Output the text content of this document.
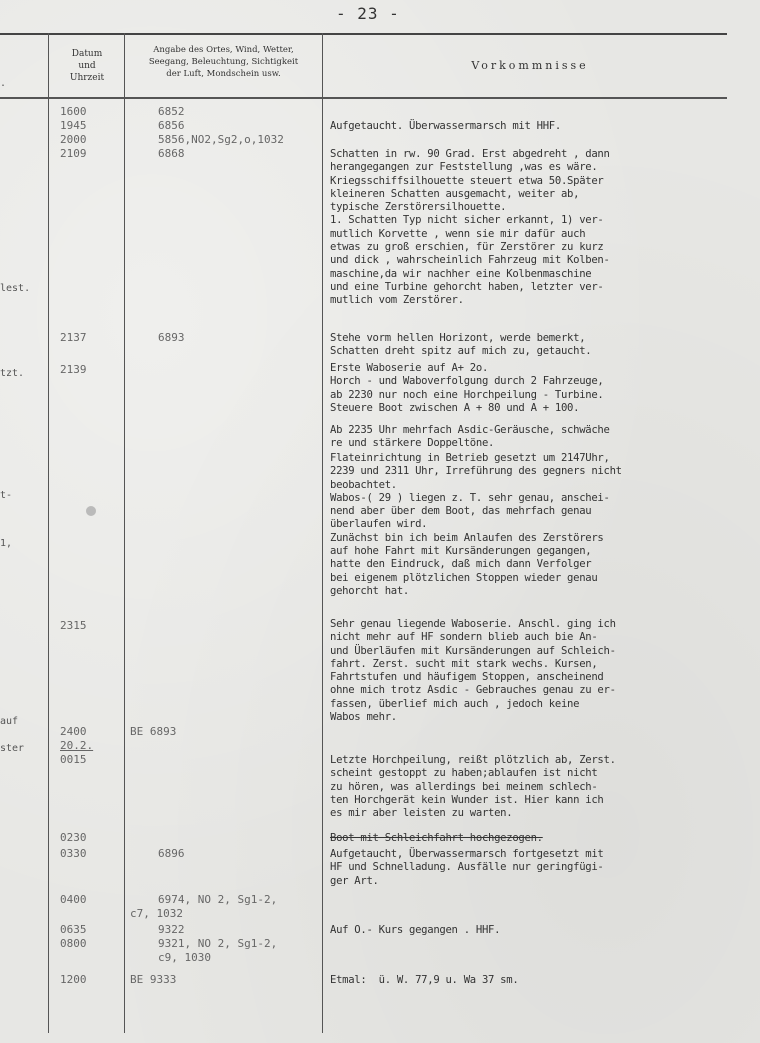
- 23 -
Datum
und
Uhrzeit
Angabe des Ortes, Wind, Wetter,
Seegang, Beleuchtung, Sichtigkeit
der Luft, Mondschein usw.
Vorkommnisse
.
lest.
tzt.
t-
1,
auf
ster
1600
1945
2000
2109
2137
2139
2315
2400
20.2.
0015
0230
0330
0400
0635
0800
1200
6852
6856
5856,NO2,Sg2,o,1032
6868
6893
BE 6893
6896
6974, NO 2, Sg1-2,
c7, 1032
9322
9321, NO 2, Sg1-2,
c9, 1030
BE 9333
Aufgetaucht. Überwassermarsch mit HHF.
Schatten in rw. 90 Grad. Erst abgedreht , dann
herangegangen zur Feststellung ,was es wäre.
Kriegsschiffsilhouette steuert etwa 50.Später
kleineren Schatten ausgemacht, weiter ab,
typische Zerstörersilhouette.
1. Schatten Typ nicht sicher erkannt, 1) ver-
mutlich Korvette , wenn sie mir dafür auch
etwas zu groß erschien, für Zerstörer zu kurz
und dick , wahrscheinlich Fahrzeug mit Kolben-
maschine,da wir nachher eine Kolbenmaschine
und eine Turbine gehorcht haben, letzter ver-
mutlich vom Zerstörer.
Stehe vorm hellen Horizont, werde bemerkt,
Schatten dreht spitz auf mich zu, getaucht.
Erste Waboserie auf A+ 2o.
Horch - und Waboverfolgung durch 2 Fahrzeuge,
ab 2230 nur noch eine Horchpeilung - Turbine.
Steuere Boot zwischen A + 80 und A + 100.
Ab 2235 Uhr mehrfach Asdic-Geräusche, schwäche
re und stärkere Doppeltöne.
Flateinrichtung in Betrieb gesetzt um 2147Uhr,
2239 und 2311 Uhr, Irreführung des gegners nicht
beobachtet.
Wabos-( 29 ) liegen z. T. sehr genau, anschei-
nend aber über dem Boot, das mehrfach genau
überlaufen wird.
Zunächst bin ich beim Anlaufen des Zerstörers
auf hohe Fahrt mit Kursänderungen gegangen,
hatte den Eindruck, daß mich dann Verfolger
bei eigenem plötzlichen Stoppen wieder genau
gehorcht hat.
Sehr genau liegende Waboserie. Anschl. ging ich
nicht mehr auf HF sondern blieb auch bie An-
und Überläufen mit Kursänderungen auf Schleich-
fahrt. Zerst. sucht mit stark wechs. Kursen,
Fahrtstufen und häufigem Stoppen, anscheinend
ohne mich trotz Asdic - Gebrauches genau zu er-
fassen, überlief mich auch , jedoch keine
Wabos mehr.
Letzte Horchpeilung, reißt plötzlich ab, Zerst.
scheint gestoppt zu haben;ablaufen ist nicht
zu hören, was allerdings bei meinem schlech-
ten Horchgerät kein Wunder ist. Hier kann ich
es mir aber leisten zu warten.
Boot mit Schleichfahrt hochgezogen.
Aufgetaucht, Überwassermarsch fortgesetzt mit
HF und Schnelladung. Ausfälle nur geringfügi-
ger Art.
Auf O.- Kurs gegangen . HHF.
Etmal:  ü. W. 77,9 u. Wa 37 sm.
